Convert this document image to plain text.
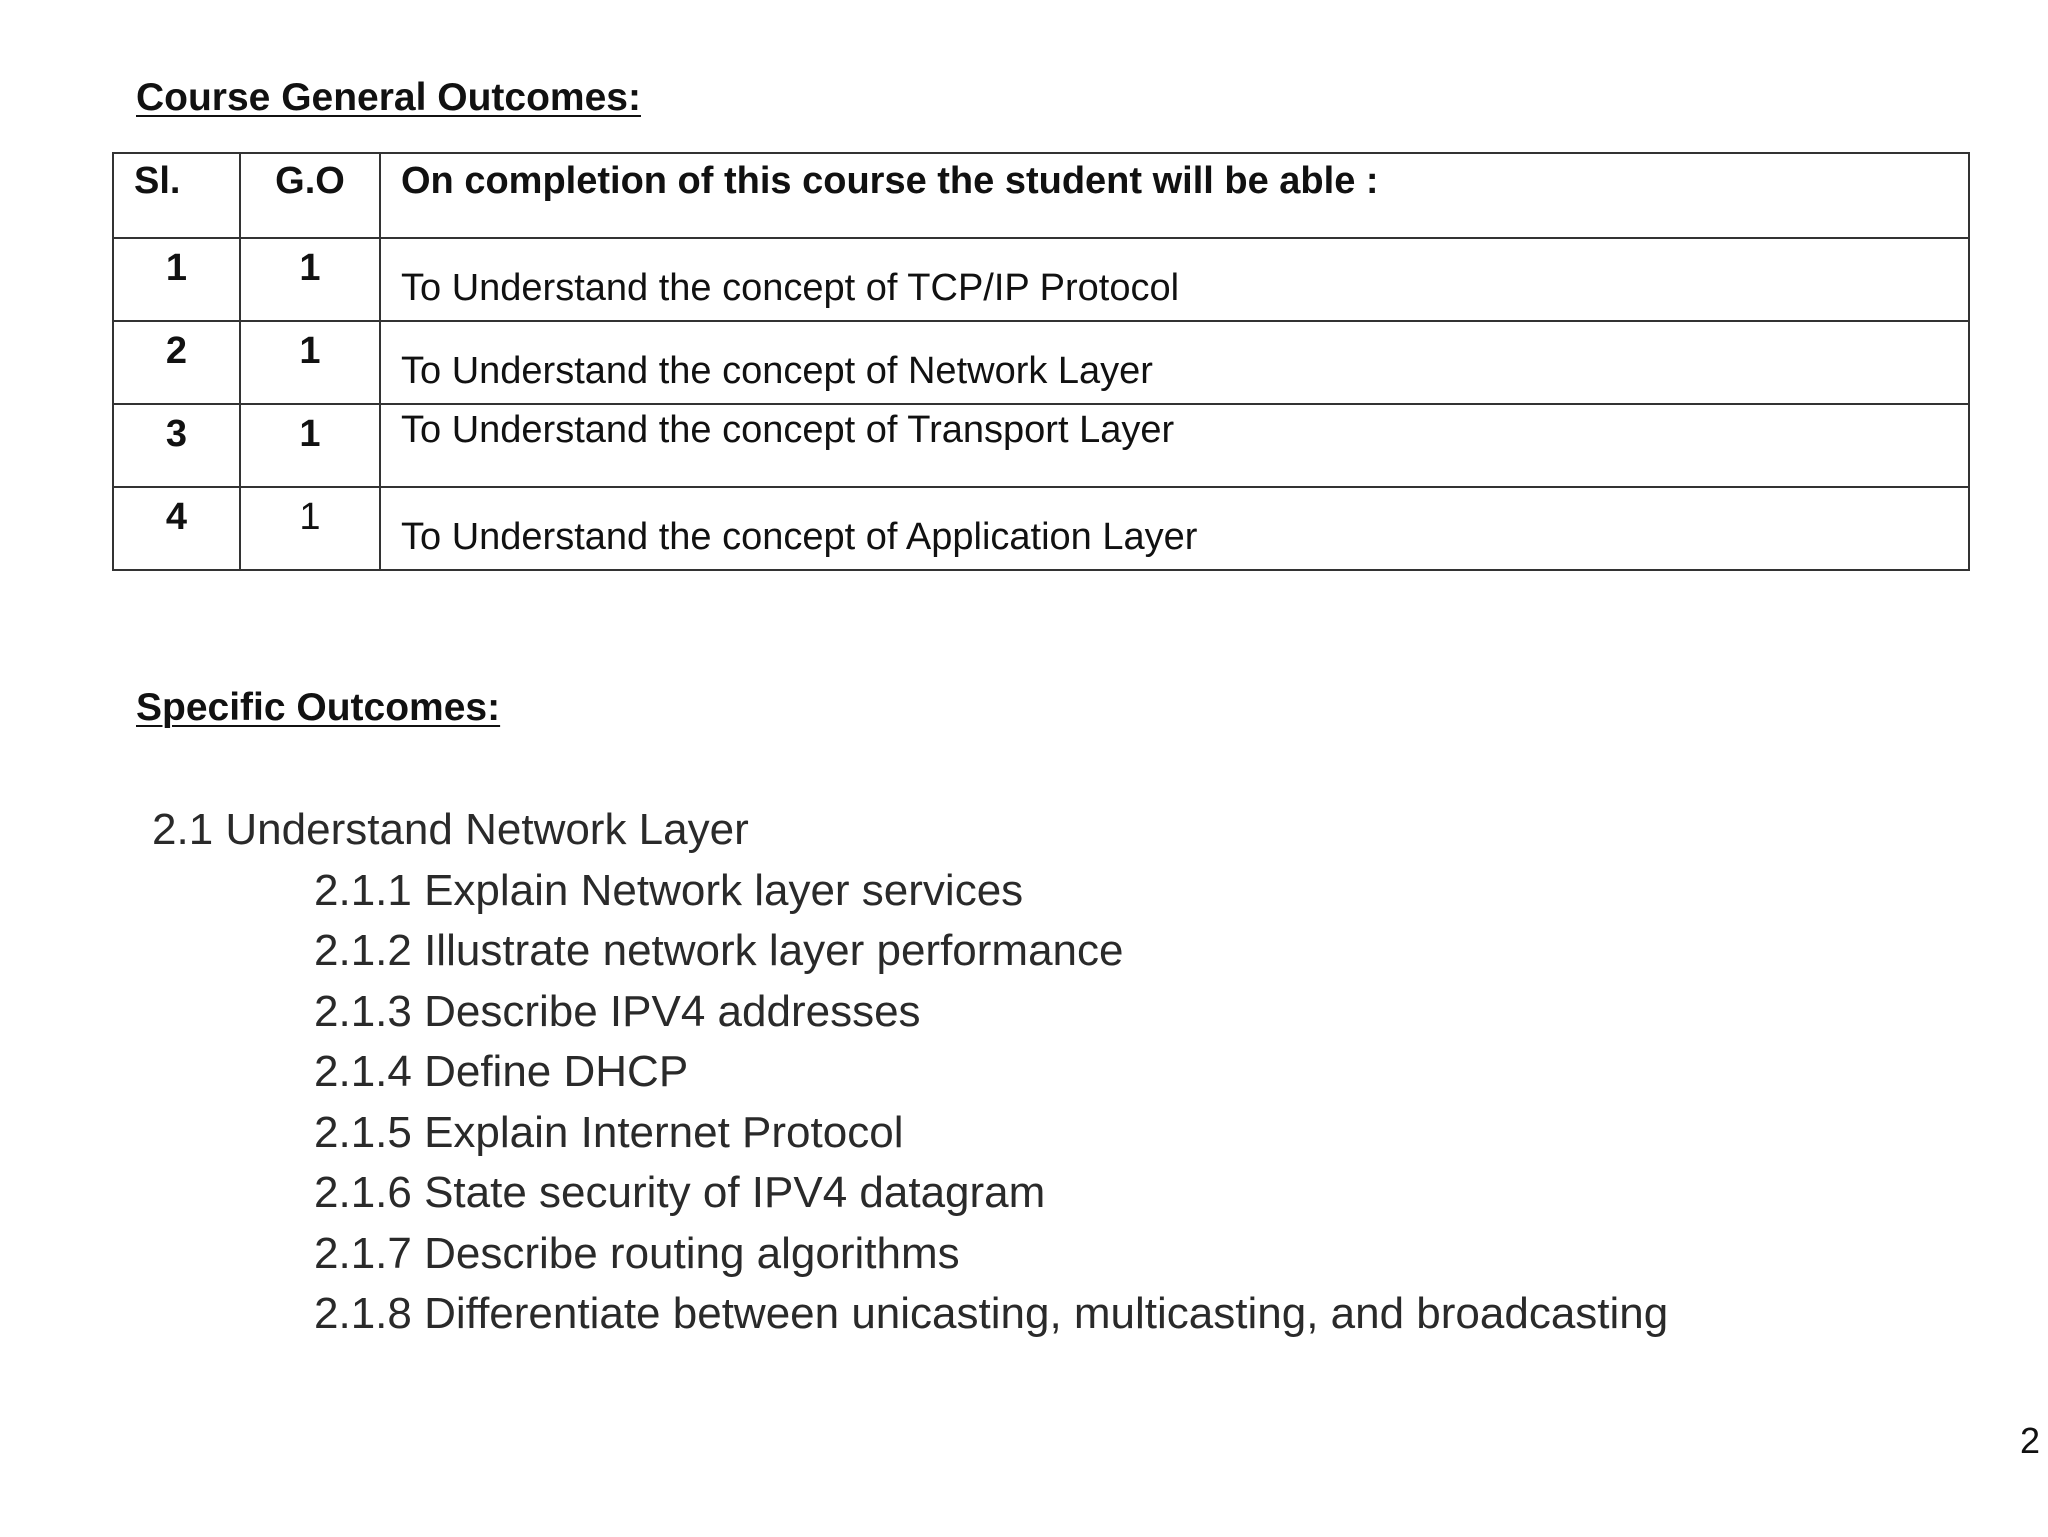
Course General Outcomes:
Sl.	G.O	On completion of this course the student will be able :
1	1	To Understand the concept of TCP/IP Protocol
2	1	To Understand the concept of Network Layer
3	1	To Understand the concept of Transport Layer
4	1	To Understand the concept of Application Layer
Specific Outcomes:
2.1 Understand Network Layer
2.1.1 Explain Network layer services
2.1.2 Illustrate network layer performance
2.1.3 Describe IPV4 addresses
2.1.4 Define DHCP
2.1.5 Explain Internet Protocol
2.1.6 State security of IPV4 datagram
2.1.7 Describe routing algorithms
2.1.8 Differentiate between unicasting, multicasting, and broadcasting
2
